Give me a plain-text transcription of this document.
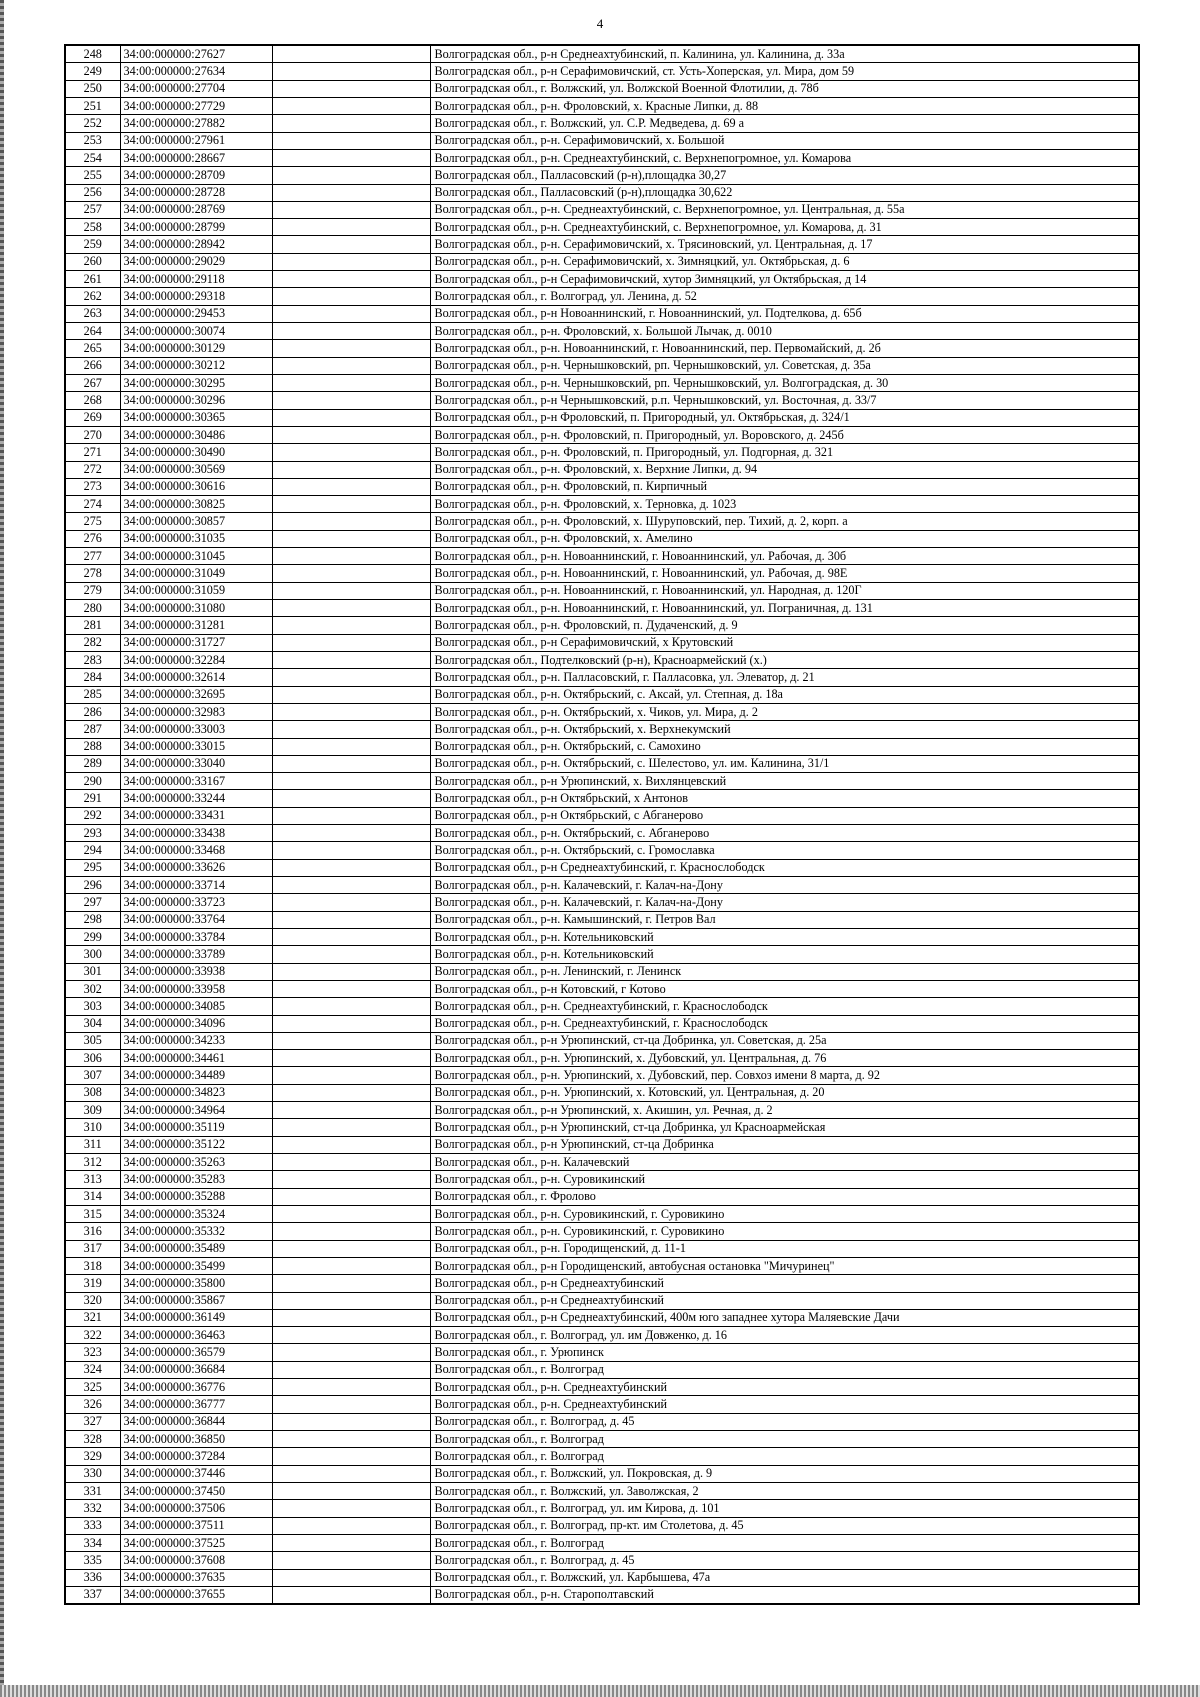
4
248	34:00:000000:27627		Волгоградская обл., р-н Среднеахтубинский, п. Калинина, ул. Калинина, д. 33а
249	34:00:000000:27634		Волгоградская обл., р-н Серафимовичский, ст. Усть-Хоперская, ул. Мира, дом 59
250	34:00:000000:27704		Волгоградская обл., г. Волжский, ул. Волжской Военной Флотилии, д. 78б
251	34:00:000000:27729		Волгоградская обл., р-н. Фроловский, х. Красные Липки, д. 88
252	34:00:000000:27882		Волгоградская обл., г. Волжский, ул. С.Р. Медведева, д. 69 а
253	34:00:000000:27961		Волгоградская обл., р-н. Серафимовичский, х. Большой
254	34:00:000000:28667		Волгоградская обл., р-н. Среднеахтубинский, с. Верхнепогромное, ул. Комарова
255	34:00:000000:28709		Волгоградская обл., Палласовский (р-н),площадка 30,27
256	34:00:000000:28728		Волгоградская обл., Палласовский (р-н),площадка 30,622
257	34:00:000000:28769		Волгоградская обл., р-н. Среднеахтубинский, с. Верхнепогромное, ул. Центральная, д. 55а
258	34:00:000000:28799		Волгоградская обл., р-н. Среднеахтубинский, с. Верхнепогромное, ул. Комарова, д. 31
259	34:00:000000:28942		Волгоградская обл., р-н. Серафимовичский, х. Трясиновский, ул. Центральная, д. 17
260	34:00:000000:29029		Волгоградская обл., р-н. Серафимовичский, х. Зимняцкий, ул. Октябрьская, д. 6
261	34:00:000000:29118		Волгоградская обл., р-н Серафимовичский, хутор Зимняцкий, ул Октябрьская, д 14
262	34:00:000000:29318		Волгоградская обл., г. Волгоград, ул. Ленина, д. 52
263	34:00:000000:29453		Волгоградская обл., р-н Новоаннинский, г. Новоаннинский, ул. Подтелкова, д. 65б
264	34:00:000000:30074		Волгоградская обл., р-н. Фроловский, х. Большой Лычак, д. 0010
265	34:00:000000:30129		Волгоградская обл., р-н. Новоаннинский, г. Новоаннинский, пер. Первомайский, д. 2б
266	34:00:000000:30212		Волгоградская обл., р-н. Чернышковский, рп. Чернышковский, ул. Советская, д. 35а
267	34:00:000000:30295		Волгоградская обл., р-н. Чернышковский, рп. Чернышковский, ул. Волгоградская, д. 30
268	34:00:000000:30296		Волгоградская обл., р-н Чернышковский, р.п. Чернышковский, ул. Восточная, д. 33/7
269	34:00:000000:30365		Волгоградская обл., р-н Фроловский, п. Пригородный, ул. Октябрьская, д. 324/1
270	34:00:000000:30486		Волгоградская обл., р-н. Фроловский, п. Пригородный, ул. Воровского, д. 245б
271	34:00:000000:30490		Волгоградская обл., р-н. Фроловский, п. Пригородный, ул. Подгорная, д. 321
272	34:00:000000:30569		Волгоградская обл., р-н. Фроловский, х. Верхние Липки, д. 94
273	34:00:000000:30616		Волгоградская обл., р-н. Фроловский, п. Кирпичный
274	34:00:000000:30825		Волгоградская обл., р-н. Фроловский, х. Терновка, д. 1023
275	34:00:000000:30857		Волгоградская обл., р-н. Фроловский, х. Шуруповский, пер. Тихий, д. 2, корп. а
276	34:00:000000:31035		Волгоградская обл., р-н. Фроловский, х. Амелино
277	34:00:000000:31045		Волгоградская обл., р-н. Новоаннинский, г. Новоаннинский, ул. Рабочая, д. 30б
278	34:00:000000:31049		Волгоградская обл., р-н. Новоаннинский, г. Новоаннинский, ул. Рабочая, д. 98Е
279	34:00:000000:31059		Волгоградская обл., р-н. Новоаннинский, г. Новоаннинский, ул. Народная, д. 120Г
280	34:00:000000:31080		Волгоградская обл., р-н. Новоаннинский, г. Новоаннинский, ул. Пограничная, д. 131
281	34:00:000000:31281		Волгоградская обл., р-н. Фроловский, п. Дудаченский, д. 9
282	34:00:000000:31727		Волгоградская обл., р-н Серафимовичский, х Крутовский
283	34:00:000000:32284		Волгоградская обл., Подтелковский (р-н), Красноармейский (х.)
284	34:00:000000:32614		Волгоградская обл., р-н. Палласовский, г. Палласовка, ул. Элеватор, д. 21
285	34:00:000000:32695		Волгоградская обл., р-н. Октябрьский, с. Аксай, ул. Степная, д. 18а
286	34:00:000000:32983		Волгоградская обл., р-н. Октябрьский, х. Чиков, ул. Мира, д. 2
287	34:00:000000:33003		Волгоградская обл., р-н. Октябрьский, х. Верхнекумский
288	34:00:000000:33015		Волгоградская обл., р-н. Октябрьский, с. Самохино
289	34:00:000000:33040		Волгоградская обл., р-н. Октябрьский, с. Шелестово, ул. им. Калинина, 31/1
290	34:00:000000:33167		Волгоградская обл., р-н Урюпинский, х. Вихлянцевский
291	34:00:000000:33244		Волгоградская обл., р-н Октябрьский, х Антонов
292	34:00:000000:33431		Волгоградская обл., р-н Октябрьский, с Абганерово
293	34:00:000000:33438		Волгоградская обл., р-н. Октябрьский, с. Абганерово
294	34:00:000000:33468		Волгоградская обл., р-н. Октябрьский, с. Громославка
295	34:00:000000:33626		Волгоградская обл., р-н Среднеахтубинский, г. Краснослободск
296	34:00:000000:33714		Волгоградская обл., р-н. Калачевский, г. Калач-на-Дону
297	34:00:000000:33723		Волгоградская обл., р-н. Калачевский, г. Калач-на-Дону
298	34:00:000000:33764		Волгоградская обл., р-н. Камышинский, г. Петров Вал
299	34:00:000000:33784		Волгоградская обл., р-н. Котельниковский
300	34:00:000000:33789		Волгоградская обл., р-н. Котельниковский
301	34:00:000000:33938		Волгоградская обл., р-н. Ленинский, г. Ленинск
302	34:00:000000:33958		Волгоградская обл., р-н Котовский, г Котово
303	34:00:000000:34085		Волгоградская обл., р-н. Среднеахтубинский, г. Краснослободск
304	34:00:000000:34096		Волгоградская обл., р-н. Среднеахтубинский, г. Краснослободск
305	34:00:000000:34233		Волгоградская обл., р-н Урюпинский, ст-ца Добринка, ул. Советская, д. 25а
306	34:00:000000:34461		Волгоградская обл., р-н. Урюпинский, х. Дубовский, ул. Центральная, д. 76
307	34:00:000000:34489		Волгоградская обл., р-н. Урюпинский, х. Дубовский, пер. Совхоз имени 8 марта, д. 92
308	34:00:000000:34823		Волгоградская обл., р-н. Урюпинский, х. Котовский, ул. Центральная, д. 20
309	34:00:000000:34964		Волгоградская обл., р-н Урюпинский, х. Акишин, ул. Речная, д. 2
310	34:00:000000:35119		Волгоградская обл., р-н Урюпинский, ст-ца Добринка, ул Красноармейская
311	34:00:000000:35122		Волгоградская обл., р-н Урюпинский, ст-ца Добринка
312	34:00:000000:35263		Волгоградская обл., р-н. Калачевский
313	34:00:000000:35283		Волгоградская обл., р-н. Суровикинский
314	34:00:000000:35288		Волгоградская обл., г. Фролово
315	34:00:000000:35324		Волгоградская обл., р-н. Суровикинский, г. Суровикино
316	34:00:000000:35332		Волгоградская обл., р-н. Суровикинский, г. Суровикино
317	34:00:000000:35489		Волгоградская обл., р-н. Городищенский, д. 11-1
318	34:00:000000:35499		Волгоградская обл., р-н Городищенский, автобусная остановка "Мичуринец"
319	34:00:000000:35800		Волгоградская обл., р-н Среднеахтубинский
320	34:00:000000:35867		Волгоградская обл., р-н Среднеахтубинский
321	34:00:000000:36149		Волгоградская обл., р-н Среднеахтубинский, 400м юго западнее хутора Маляевские Дачи
322	34:00:000000:36463		Волгоградская обл., г. Волгоград, ул. им Довженко, д. 16
323	34:00:000000:36579		Волгоградская обл., г. Урюпинск
324	34:00:000000:36684		Волгоградская обл., г. Волгоград
325	34:00:000000:36776		Волгоградская обл., р-н. Среднеахтубинский
326	34:00:000000:36777		Волгоградская обл., р-н. Среднеахтубинский
327	34:00:000000:36844		Волгоградская обл., г. Волгоград, д. 45
328	34:00:000000:36850		Волгоградская обл., г. Волгоград
329	34:00:000000:37284		Волгоградская обл., г. Волгоград
330	34:00:000000:37446		Волгоградская обл., г. Волжский, ул. Покровская, д. 9
331	34:00:000000:37450		Волгоградская обл., г. Волжский, ул. Заволжская, 2
332	34:00:000000:37506		Волгоградская обл., г. Волгоград, ул. им Кирова, д. 101
333	34:00:000000:37511		Волгоградская обл., г. Волгоград, пр-кт. им Столетова, д. 45
334	34:00:000000:37525		Волгоградская обл., г. Волгоград
335	34:00:000000:37608		Волгоградская обл., г. Волгоград, д. 45
336	34:00:000000:37635		Волгоградская обл., г. Волжский, ул. Карбышева, 47а
337	34:00:000000:37655		Волгоградская обл., р-н. Старополтавский
